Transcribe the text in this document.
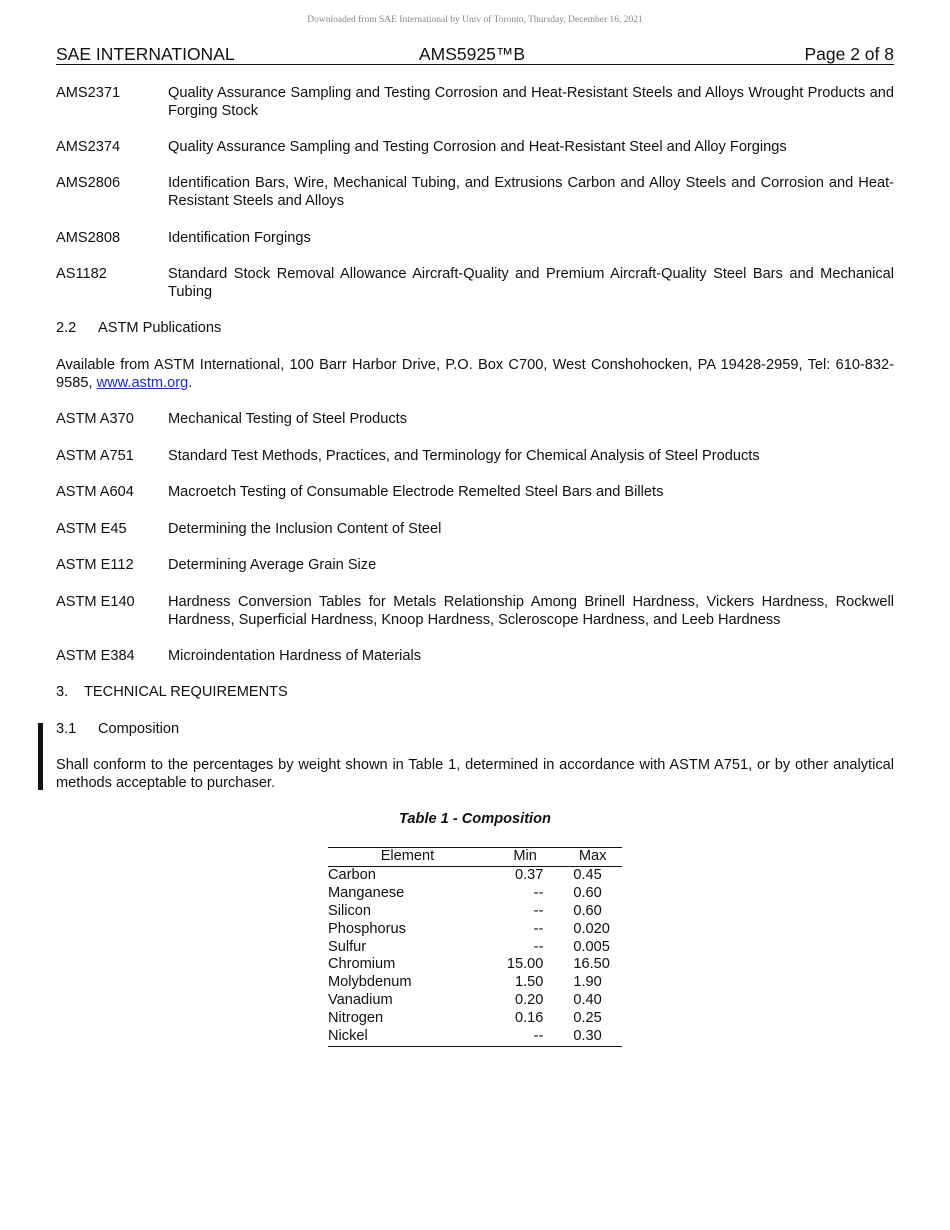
Downloaded from SAE International by Univ of Toronto, Thursday, December 16, 2021
SAE INTERNATIONAL	AMS5925™B	Page 2 of 8
AMS2371	Quality Assurance Sampling and Testing Corrosion and Heat-Resistant Steels and Alloys Wrought Products and Forging Stock
AMS2374	Quality Assurance Sampling and Testing Corrosion and Heat-Resistant Steel and Alloy Forgings
AMS2806	Identification Bars, Wire, Mechanical Tubing, and Extrusions Carbon and Alloy Steels and Corrosion and Heat-Resistant Steels and Alloys
AMS2808	Identification Forgings
AS1182	Standard Stock Removal Allowance Aircraft-Quality and Premium Aircraft-Quality Steel Bars and Mechanical Tubing
2.2 ASTM Publications
Available from ASTM International, 100 Barr Harbor Drive, P.O. Box C700, West Conshohocken, PA 19428-2959, Tel: 610-832-9585, www.astm.org.
ASTM A370 Mechanical Testing of Steel Products
ASTM A751 Standard Test Methods, Practices, and Terminology for Chemical Analysis of Steel Products
ASTM A604 Macroetch Testing of Consumable Electrode Remelted Steel Bars and Billets
ASTM E45	Determining the Inclusion Content of Steel
ASTM E112 Determining Average Grain Size
ASTM E140 Hardness Conversion Tables for Metals Relationship Among Brinell Hardness, Vickers Hardness, Rockwell Hardness, Superficial Hardness, Knoop Hardness, Scleroscope Hardness, and Leeb Hardness
ASTM E384 Microindentation Hardness of Materials
3. TECHNICAL REQUIREMENTS
3.1 Composition
Shall conform to the percentages by weight shown in Table 1, determined in accordance with ASTM A751, or by other analytical methods acceptable to purchaser.
Table 1 - Composition
Element	Min	Max
Carbon	0.37	0.45
Manganese	--	0.60
Silicon	--	0.60
Phosphorus	--	0.020
Sulfur	--	0.005
Chromium	15.00	16.50
Molybdenum	1.50	1.90
Vanadium	0.20	0.40
Nitrogen	0.16	0.25
Nickel	--	0.30
